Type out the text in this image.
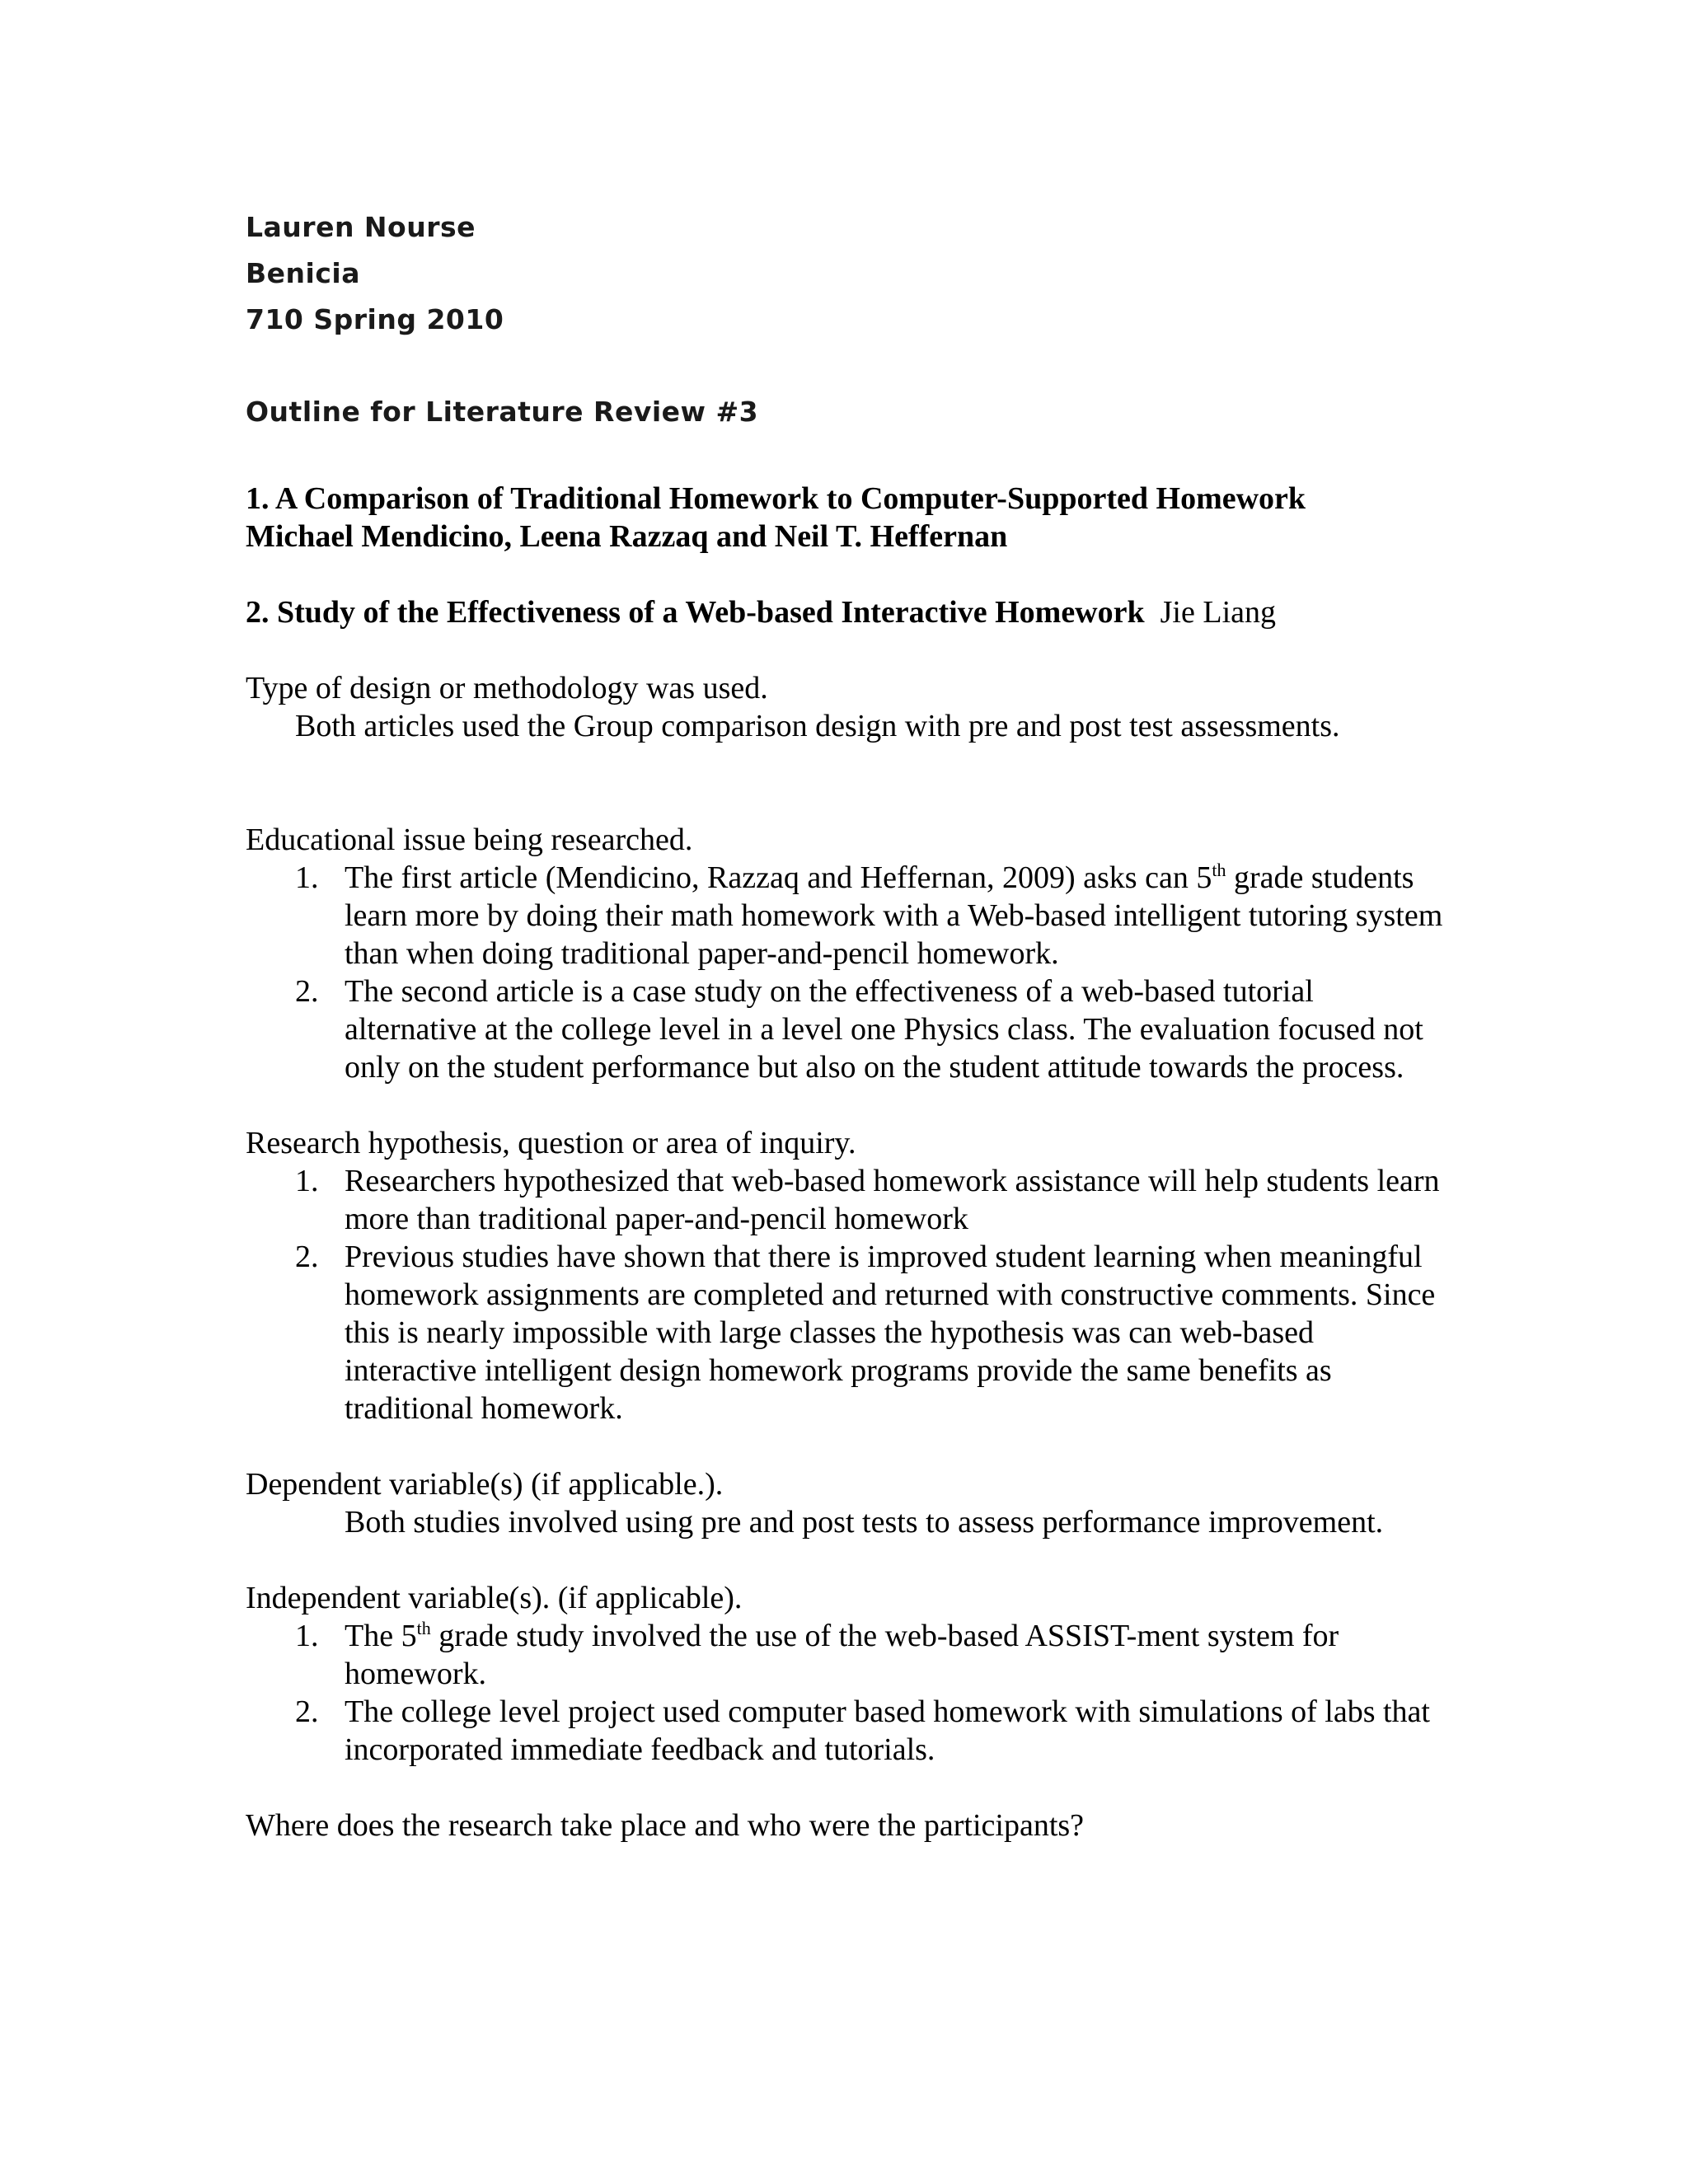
Lauren Nourse
Benicia
710 Spring 2010
Outline for Literature Review #3
1. A Comparison of Traditional Homework to Computer-Supported Homework
Michael Mendicino, Leena Razzaq and Neil T. Heffernan
2. Study of the Effectiveness of a Web-based Interactive Homework Jie Liang
Type of design or methodology was used.
Both articles used the Group comparison design with pre and post test assessments.
Educational issue being researched.
1. The first article (Mendicino, Razzaq and Heffernan, 2009) asks can 5th grade students learn more by doing their math homework with a Web-based intelligent tutoring system than when doing traditional paper-and-pencil homework.
2. The second article is a case study on the effectiveness of a web-based tutorial alternative at the college level in a level one Physics class. The evaluation focused not only on the student performance but also on the student attitude towards the process.
Research hypothesis, question or area of inquiry.
1. Researchers hypothesized that web-based homework assistance will help students learn more than traditional paper-and-pencil homework
2. Previous studies have shown that there is improved student learning when meaningful homework assignments are completed and returned with constructive comments. Since this is nearly impossible with large classes the hypothesis was can web-based interactive intelligent design homework programs provide the same benefits as traditional homework.
Dependent variable(s) (if applicable.).
Both studies involved using pre and post tests to assess performance improvement.
Independent variable(s). (if applicable).
1. The 5th grade study involved the use of the web-based ASSIST-ment system for homework.
2. The college level project used computer based homework with simulations of labs that incorporated immediate feedback and tutorials.
Where does the research take place and who were the participants?
